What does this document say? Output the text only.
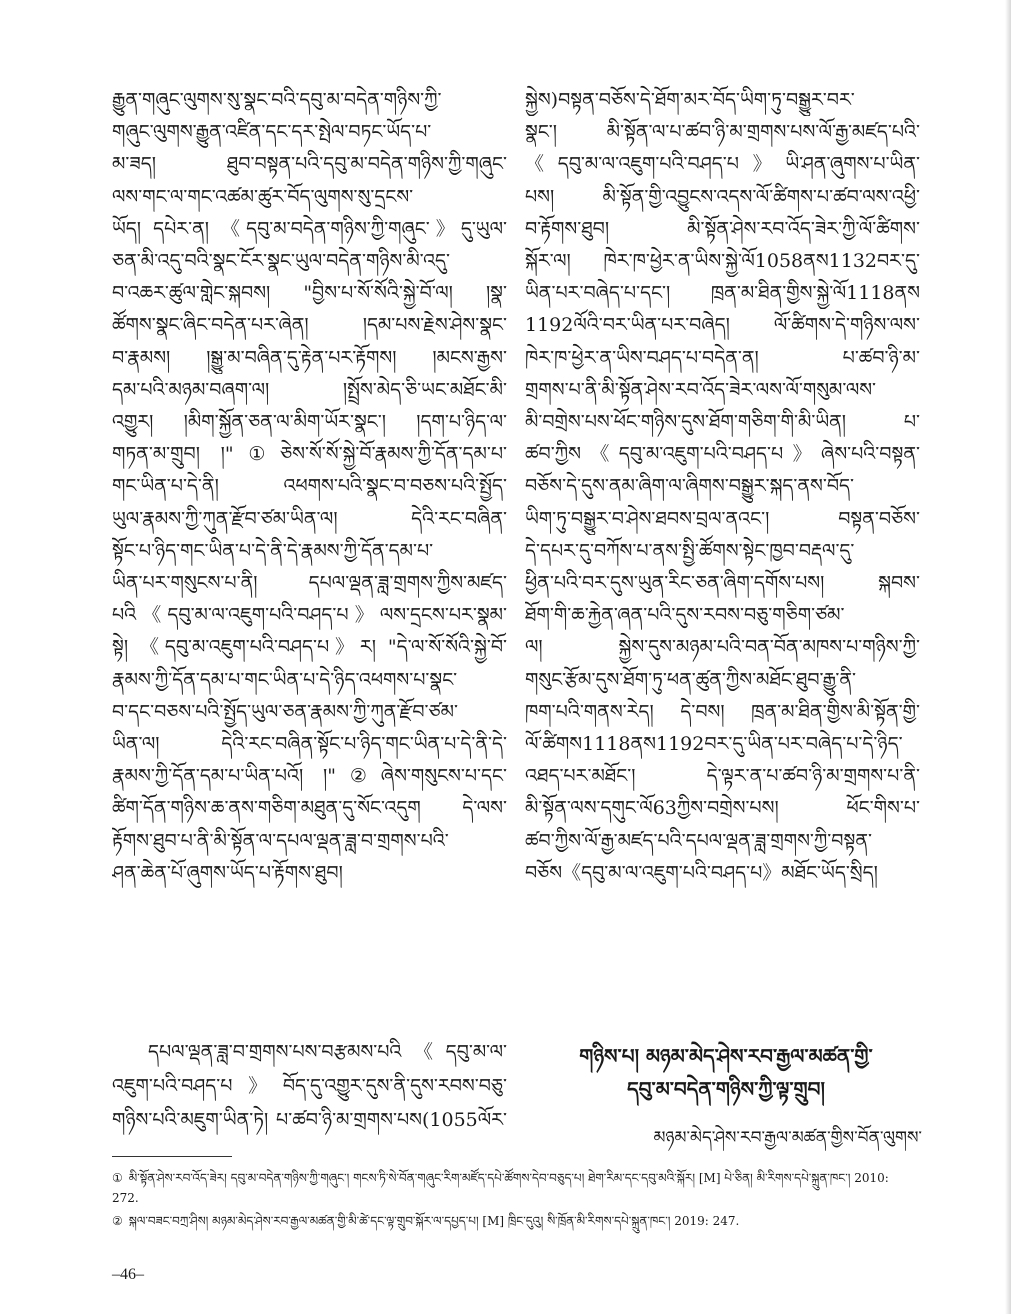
རྒྱུན་གཞུང་ལུགས་སུ་སྣང་བའི་དབུ་མ་བདེན་གཉིས་ཀྱི་
གཞུང་ལུགས་རྒྱུན་འཛིན་དང་དར་སྤེལ་བཏང་ཡོད་པ་
མ་ཟད། ཐུབ་བསྟན་པའི་དབུ་མ་བདེན་གཉིས་ཀྱི་གཞུང་
ལས་གང་ལ་གང་འཚམ་ཚུར་བོད་ལུགས་སུ་དྲངས་
ཡོད། དཔེར་ན། 《དབུ་མ་བདེན་གཉིས་ཀྱི་གཞུང་》དུ་ཡུལ་
ཅན་མི་འདུ་བའི་སྣང་ངོར་སྣང་ཡུལ་བདེན་གཉིས་མི་འདུ་
བ་འཆར་ཚུལ་གླེང་སྐབས། "བྱིས་པ་སོ་སོའི་སྐྱེ་བོ་ལ། །སྣ་
ཚོགས་སྣང་ཞིང་བདེན་པར་ཞེན། །དམ་པས་རྗེས་ཤེས་སྣང་
བ་རྣམས། །སྒྱུ་མ་བཞིན་དུ་རྟེན་པར་རྟོགས། །མངས་རྒྱས་
དམ་པའི་མཉམ་བཞག་ལ། །སྤྲོས་མེད་ཅི་ཡང་མཐོང་མི་
འགྱུར། །མིག་སྐྱོན་ཅན་ལ་མིག་ཡོར་སྣང་། །དག་པ་ཉིད་ལ་
གཏན་མ་གྲུབ། །"①ཅེས་སོ་སོ་སྐྱེ་བོ་རྣམས་ཀྱི་དོན་དམ་པ་
གང་ཡིན་པ་དེ་ནི། འཕགས་པའི་སྣང་བ་བཅས་པའི་སྤྱོད་
ཡུལ་རྣམས་ཀྱི་ཀུན་རྫོབ་ཙམ་ཡིན་ལ། དེའི་རང་བཞིན་
སྟོང་པ་ཉིད་གང་ཡིན་པ་དེ་ནི་དེ་རྣམས་ཀྱི་དོན་དམ་པ་
ཡིན་པར་གསུངས་པ་ནི། དཔལ་ལྡན་ཟླ་གྲགས་ཀྱིས་མཛད་
པའི《དབུ་མ་ལ་འཇུག་པའི་བཤད་པ》ལས་དྲངས་པར་སྣམ་
སྟེ། 《དབུ་མ་འཇུག་པའི་བཤད་པ》ར། "དེ་ལ་སོ་སོའི་སྐྱེ་བོ་
རྣམས་ཀྱི་དོན་དམ་པ་གང་ཡིན་པ་དེ་ཉིད་འཕགས་པ་སྣང་
བ་དང་བཅས་པའི་སྤྱོད་ཡུལ་ཅན་རྣམས་ཀྱི་ཀུན་རྫོབ་ཙམ་
ཡིན་ལ། དེའི་རང་བཞིན་སྟོང་པ་ཉིད་གང་ཡིན་པ་དེ་ནི་དེ་
རྣམས་ཀྱི་དོན་དམ་པ་ཡིན་པའོ། །"②ཞེས་གསུངས་པ་དང་
ཚིག་དོན་གཉིས་ཆ་ནས་གཅིག་མཐུན་དུ་སོང་འདུག དེ་ལས་
རྟོགས་ཐུབ་པ་ནི་མི་སྟོན་ལ་དཔལ་ལྡན་ཟླ་བ་གྲགས་པའི་
ཤན་ཆེན་པོ་ཞུགས་ཡོད་པ་རྟོགས་ཐུབ།
སྐྱེས)བསྟན་བཅོས་དེ་ཐོག་མར་བོད་ཡིག་ཏུ་བསྒྱུར་བར་
སྣང་། མི་སྟོན་ལ་པ་ཚབ་ཉི་མ་གྲགས་པས་ལོ་རྒྱ་མཛད་པའི་
《དབུ་མ་ལ་འཇུག་པའི་བཤད་པ》ཡི་ཤན་ཞུགས་པ་ཡིན་
པས། མི་སྟོན་གྱི་འབྱུངས་འདས་ལོ་ཚིགས་པ་ཚབ་ལས་འཕྱི་
བ་རྟོགས་ཐུབ། མི་སྟོན་ཤེས་རབ་འོད་ཟེར་ཀྱི་ལོ་ཚིགས་
སྐོར་ལ། ཁེར་ཁ་ཕྱེར་ན་ཡིས་སྐྱེ་ལོ1058ནས1132བར་དུ་
ཡིན་པར་བཞེད་པ་དང་། ཁྲན་མ་ཐིན་གྱིས་སྐྱེ་ལོ1118ནས
1192ལོའི་བར་ཡིན་པར་བཞེད། ལོ་ཚིགས་དེ་གཉིས་ལས་
ཁེར་ཁ་ཕྱེར་ན་ཡིས་བཤད་པ་བདེན་ན། པ་ཚབ་ཉི་མ་
གྲགས་པ་ནི་མི་སྟོན་ཤེས་རབ་འོད་ཟེར་ལས་ལོ་གསུམ་ལས་
མི་བགྲེས་པས་ཕོང་གཉིས་དུས་ཐོག་གཅིག་གི་མི་ཡིན། པ་
ཚབ་ཀྱིས《དབུ་མ་འཇུག་པའི་བཤད་པ》ཞེས་པའི་བསྟན་
བཅོས་དེ་དུས་ནམ་ཞིག་ལ་ཞིགས་བསྒྱུར་སྐད་ནས་བོད་
ཡིག་ཏུ་བསྒྱུར་བ་ཤེས་ཐབས་བྲལ་ནའང་། བསྟན་བཅོས་
དེ་དཔར་དུ་བཀོས་པ་ནས་སྤྱི་ཚོགས་སྟེང་ཁྱབ་བརྡལ་དུ་
ཕྱིན་པའི་བར་དུས་ཡུན་རིང་ཅན་ཞིག་དགོས་པས། སྐབས་
ཐོག་གི་ཆ་རྐྱེན་ཞན་པའི་དུས་རབས་བཅུ་གཅིག་ཙམ་
ལ། སྐྱེས་དུས་མཉམ་པའི་བན་བོན་མཁས་པ་གཉིས་ཀྱི་
གསུང་རྩོམ་དུས་ཐོག་ཏུ་ཕན་ཚུན་ཀྱིས་མཐོང་ཐུབ་རྒྱུ་ནི་
ཁག་པའི་གནས་རེད། དེ་བས། ཁྲན་མ་ཐིན་གྱིས་མི་སྟོན་གྱི་
ལོ་ཚིགས1118ནས1192བར་དུ་ཡིན་པར་བཞེད་པ་དེ་ཉིད་
འཐད་པར་མཐོང་། དེ་ལྟར་ན་པ་ཚབ་ཉི་མ་གྲགས་པ་ནི་
མི་སྟོན་ལས་དགུང་ལོ63ཀྱིས་བགྲེས་པས། ཕོང་གིས་པ་
ཚབ་ཀྱིས་ལོ་རྒྱ་མཛད་པའི་དཔལ་ལྡན་ཟླ་གྲགས་ཀྱི་བསྟན་
བཅོས《དབུ་མ་ལ་འཇུག་པའི་བཤད་པ》མཐོང་ཡོད་སྲིད།
གཉིས་པ། མཉམ་མེད་ཤེས་རབ་རྒྱལ་མཚན་གྱི་
དབུ་མ་བདེན་གཉིས་ཀྱི་ལྟ་གྲུབ།
མཉམ་མེད་ཤེས་རབ་རྒྱལ་མཚན་གྱིས་བོན་ལུགས་

① མི་སྟོན་ཤེས་རབ་འོད་ཟེར། དབུ་མ་བདེན་གཉིས་ཀྱི་གཞུང་། གངས་ཏི་སེ་བོན་གཞུང་རིག་མཛོད་དཔེ་ཚོགས་དེབ་བཅུད་པ། ཐེག་རིམ་དང་དབུ་མའི་སྐོར། [M] པེ་ཅིན། མི་རིགས་དཔེ་སྐྲུན་ཁང་། 2010: 272.

② སྐལ་བཟང་བཀྲ་ཤིས། མཉམ་མེད་ཤེས་རབ་རྒྱལ་མཚན་གྱི་མི་ཚེ་དང་ལྟ་གྲུབ་སྐོར་ལ་དཔྱད་པ། [M] ཁྲིང་དུའུ། སི་ཁྲོན་མི་རིགས་དཔེ་སྐྲུན་ཁང་། 2019: 247.

–46–
དཔལ་ལྡན་ཟླ་བ་གྲགས་པས་བརྩམས་པའི《དབུ་མ་ལ་
འཇུག་པའི་བཤད་པ》བོད་དུ་འགྱུར་དུས་ནི་དུས་རབས་བཅུ་
གཉིས་པའི་མཇུག་ཡིན་ཏེ། པ་ཚབ་ཉི་མ་གྲགས་པས(1055ལོར་
